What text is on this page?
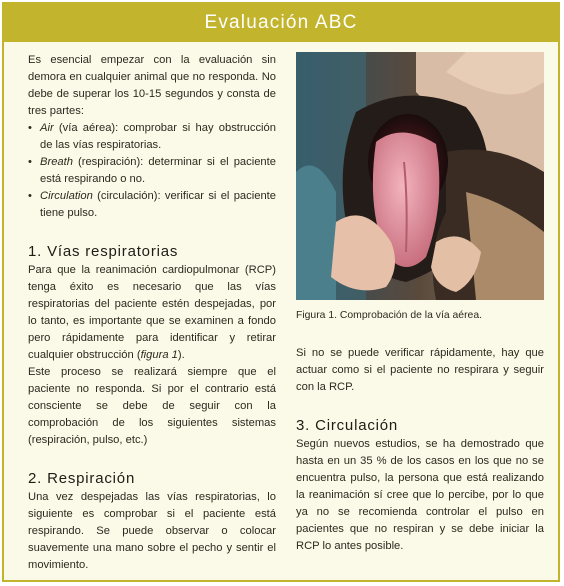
Evaluación ABC

Es esencial empezar con la evaluación sin demora en cualquier animal que no responda. No debe de superar los 10-15 segundos y consta de tres partes:

• Air (vía aérea): comprobar si hay obstrucción de las vías respiratorias.
• Breath (respiración): determinar si el paciente está respirando o no.
• Circulation (circulación): verificar si el paciente tiene pulso.
1. Vías respiratorias

Para que la reanimación cardiopulmonar (RCP) tenga éxito es necesario que las vías respiratorias del paciente estén despejadas, por lo tanto, es importante que se examinen a fondo pero rápidamente para identificar y retirar cualquier obstrucción (figura 1).

Este proceso se realizará siempre que el paciente no responda. Si por el contrario está consciente se debe de seguir con la comprobación de los siguientes sistemas (respiración, pulso, etc.)

2. Respiración

Una vez despejadas las vías respiratorias, lo siguiente es comprobar si el paciente está respirando. Se puede observar o colocar suavemente una mano sobre el pecho y sentir el movimiento.

Figura 1. Comprobación de la vía aérea.

Si no se puede verificar rápidamente, hay que actuar como si el paciente no respirara y seguir con la RCP.

3. Circulación

Según nuevos estudios, se ha demostrado que hasta en un 35 % de los casos en los que no se encuentra pulso, la persona que está realizando la reanimación sí cree que lo percibe, por lo que ya no se recomienda controlar el pulso en pacientes que no respiran y se debe iniciar la RCP lo antes posible.
